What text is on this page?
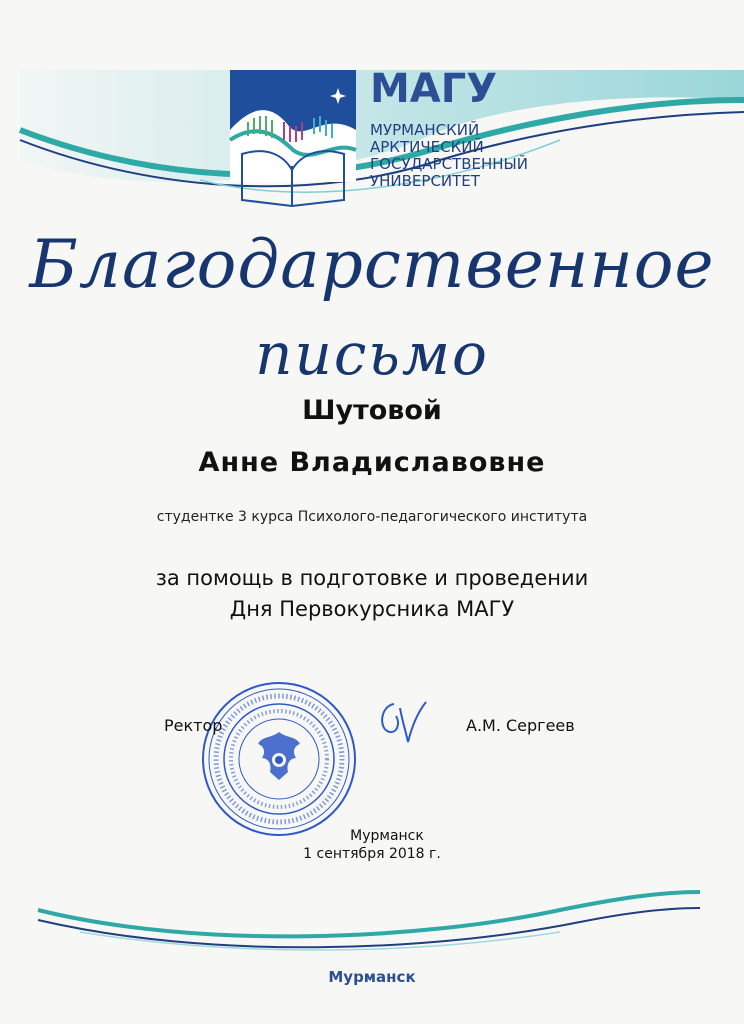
МАГУ
МУРМАНСКИЙ
АРКТИЧЕСКИЙ
ГОСУДАРСТВЕННЫЙ
УНИВЕРСИТЕТ
Благодарственное
письмо
Шутовой
Анне Владиславовне
студентке 3 курса Психолого-педагогического института
за помощь в подготовке и проведении
Дня Первокурсника МАГУ
Ректор	А.М. Сергеев
Мурманск
1 сентября 2018 г.
Мурманск
